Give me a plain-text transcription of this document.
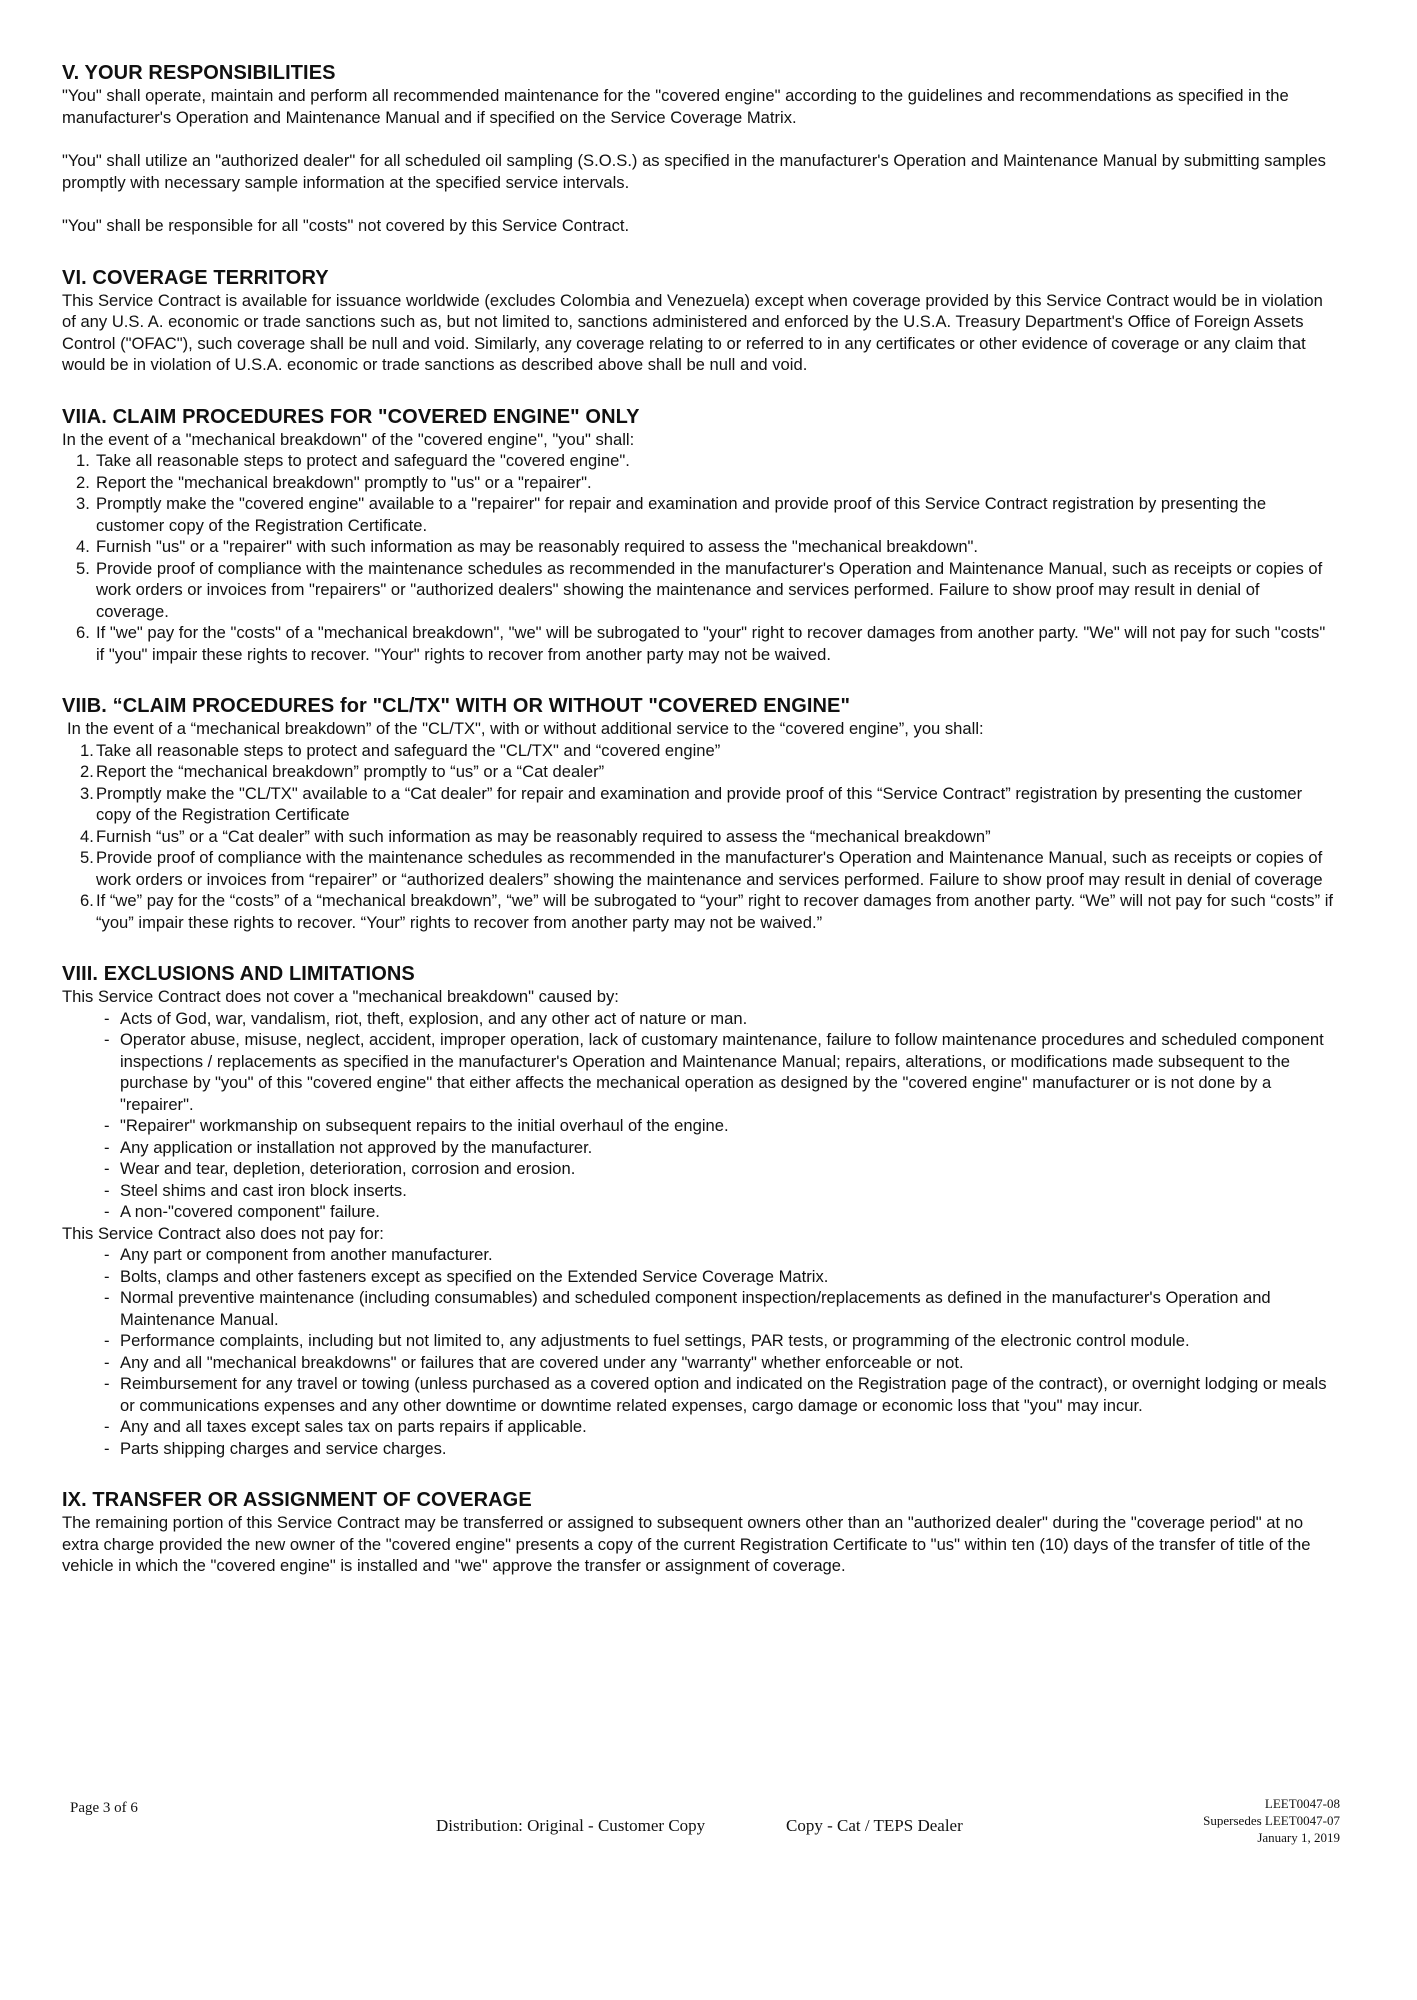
V. YOUR RESPONSIBILITIES

"You" shall operate, maintain and perform all recommended maintenance for the "covered engine" according to the guidelines and recommendations as specified in the manufacturer's Operation and Maintenance Manual and if specified on the Service Coverage Matrix.

"You" shall utilize an "authorized dealer" for all scheduled oil sampling (S.O.S.) as specified in the manufacturer's Operation and Maintenance Manual by submitting samples promptly with necessary sample information at the specified service intervals.

"You" shall be responsible for all "costs" not covered by this Service Contract.

VI. COVERAGE TERRITORY

This Service Contract is available for issuance worldwide (excludes Colombia and Venezuela) except when coverage provided by this Service Contract would be in violation of any U.S. A. economic or trade sanctions such as, but not limited to, sanctions administered and enforced by the U.S.A. Treasury Department's Office of Foreign Assets Control ("OFAC"), such coverage shall be null and void. Similarly, any coverage relating to or referred to in any certificates or other evidence of coverage or any claim that would be in violation of U.S.A. economic or trade sanctions as described above shall be null and void.

VIIA. CLAIM PROCEDURES FOR "COVERED ENGINE" ONLY

In the event of a "mechanical breakdown" of the "covered engine", "you" shall:

1. Take all reasonable steps to protect and safeguard the "covered engine".
2. Report the "mechanical breakdown" promptly to "us" or a "repairer".
3. Promptly make the "covered engine" available to a "repairer" for repair and examination and provide proof of this Service Contract registration by presenting the customer copy of the Registration Certificate.
4. Furnish "us" or a "repairer" with such information as may be reasonably required to assess the "mechanical breakdown".
5. Provide proof of compliance with the maintenance schedules as recommended in the manufacturer's Operation and Maintenance Manual, such as receipts or copies of work orders or invoices from "repairers" or "authorized dealers" showing the maintenance and services performed. Failure to show proof may result in denial of coverage.
6. If "we" pay for the "costs" of a "mechanical breakdown", "we" will be subrogated to "your" right to recover damages from another party. "We" will not pay for such "costs" if "you" impair these rights to recover. "Your" rights to recover from another party may not be waived.
VIIB. “CLAIM PROCEDURES for "CL/TX" WITH OR WITHOUT "COVERED ENGINE"

In the event of a “mechanical breakdown” of the "CL/TX", with or without additional service to the “covered engine”, you shall:

1. Take all reasonable steps to protect and safeguard the "CL/TX" and “covered engine”
2. Report the “mechanical breakdown” promptly to “us” or a “Cat dealer”
3. Promptly make the "CL/TX" available to a “Cat dealer” for repair and examination and provide proof of this “Service Contract” registration by presenting the customer copy of the Registration Certificate
4. Furnish “us” or a “Cat dealer” with such information as may be reasonably required to assess the “mechanical breakdown”
5. Provide proof of compliance with the maintenance schedules as recommended in the manufacturer's Operation and Maintenance Manual, such as receipts or copies of work orders or invoices from “repairer” or “authorized dealers” showing the maintenance and services performed. Failure to show proof may result in denial of coverage
6. If “we” pay for the “costs” of a “mechanical breakdown”, “we” will be subrogated to “your” right to recover damages from another party. “We” will not pay for such “costs” if “you” impair these rights to recover. “Your” rights to recover from another party may not be waived.”
VIII. EXCLUSIONS AND LIMITATIONS

This Service Contract does not cover a "mechanical breakdown" caused by:

- Acts of God, war, vandalism, riot, theft, explosion, and any other act of nature or man.
- Operator abuse, misuse, neglect, accident, improper operation, lack of customary maintenance, failure to follow maintenance procedures and scheduled component inspections / replacements as specified in the manufacturer's Operation and Maintenance Manual; repairs, alterations, or modifications made subsequent to the purchase by "you" of this "covered engine" that either affects the mechanical operation as designed by the "covered engine" manufacturer or is not done by a "repairer".
- "Repairer" workmanship on subsequent repairs to the initial overhaul of the engine.
- Any application or installation not approved by the manufacturer.
- Wear and tear, depletion, deterioration, corrosion and erosion.
- Steel shims and cast iron block inserts.
- A non-"covered component" failure.

This Service Contract also does not pay for:

- Any part or component from another manufacturer.
- Bolts, clamps and other fasteners except as specified on the Extended Service Coverage Matrix.
- Normal preventive maintenance (including consumables) and scheduled component inspection/replacements as defined in the manufacturer's Operation and Maintenance Manual.
- Performance complaints, including but not limited to, any adjustments to fuel settings, PAR tests, or programming of the electronic control module.
- Any and all "mechanical breakdowns" or failures that are covered under any "warranty" whether enforceable or not.
- Reimbursement for any travel or towing (unless purchased as a covered option and indicated on the Registration page of the contract), or overnight lodging or meals or communications expenses and any other downtime or downtime related expenses, cargo damage or economic loss that "you" may incur.
- Any and all taxes except sales tax on parts repairs if applicable.
- Parts shipping charges and service charges.
IX. TRANSFER OR ASSIGNMENT OF COVERAGE

The remaining portion of this Service Contract may be transferred or assigned to subsequent owners other than an "authorized dealer" during the "coverage period" at no extra charge provided the new owner of the "covered engine" presents a copy of the current Registration Certificate to "us" within ten (10) days of the transfer of title of the vehicle in which the "covered engine" is installed and "we" approve the transfer or assignment of coverage.

Page 3 of 6
Distribution: Original - Customer Copy	Copy - Cat / TEPS Dealer
LEET0047-08
Supersedes LEET0047-07
January 1, 2019
